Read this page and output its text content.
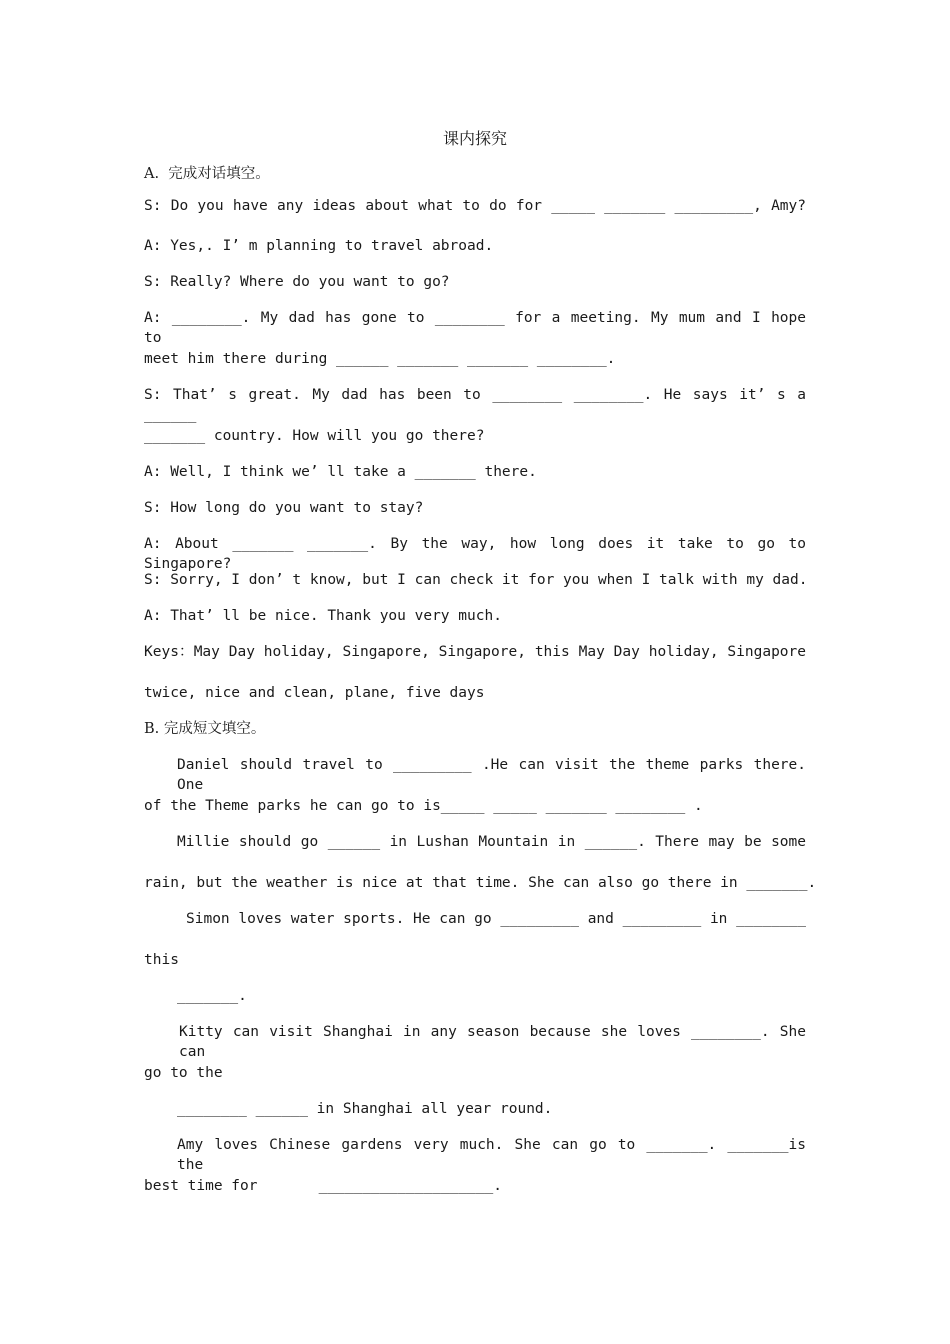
课内探究
A.  完成对话填空。
S: Do you have any ideas about what to do for _____ _______ _________, Amy?
A: Yes,. I’ m planning to travel abroad.
S: Really? Where do you want to go?
A: ________. My dad has gone to ________ for a meeting. My mum and I hope to
meet him there during ______ _______ _______ ________.
S: That’ s great. My dad has been to ________ ________. He says it’ s a ______
_______ country. How will you go there?
A: Well, I think we’ ll take a _______ there.
S: How long do you want to stay?
A: About _______ _______. By the way, how long does it take to go to Singapore?
S: Sorry, I don’ t know, but I can check it for you when I talk with my dad.
A: That’ ll be nice. Thank you very much.
Keys：May Day holiday, Singapore, Singapore, this May Day holiday, Singapore
twice, nice and clean, plane, five days
B. 完成短文填空。
Daniel should travel to _________ .He can visit the theme parks there. One
of the Theme parks he can go to is_____ _____ _______ ________ .
Millie should go ______ in Lushan Mountain in ______. There may be some
rain, but the weather is nice at that time. She can also go there in _______.
Simon loves water sports. He can go _________ and _________ in ________
this
_______.
Kitty can visit Shanghai in any season because she loves ________. She can
go to the
________ ______ in Shanghai all year round.
Amy loves Chinese gardens very much. She can go to _______. _______is the
best time for       ____________________.
